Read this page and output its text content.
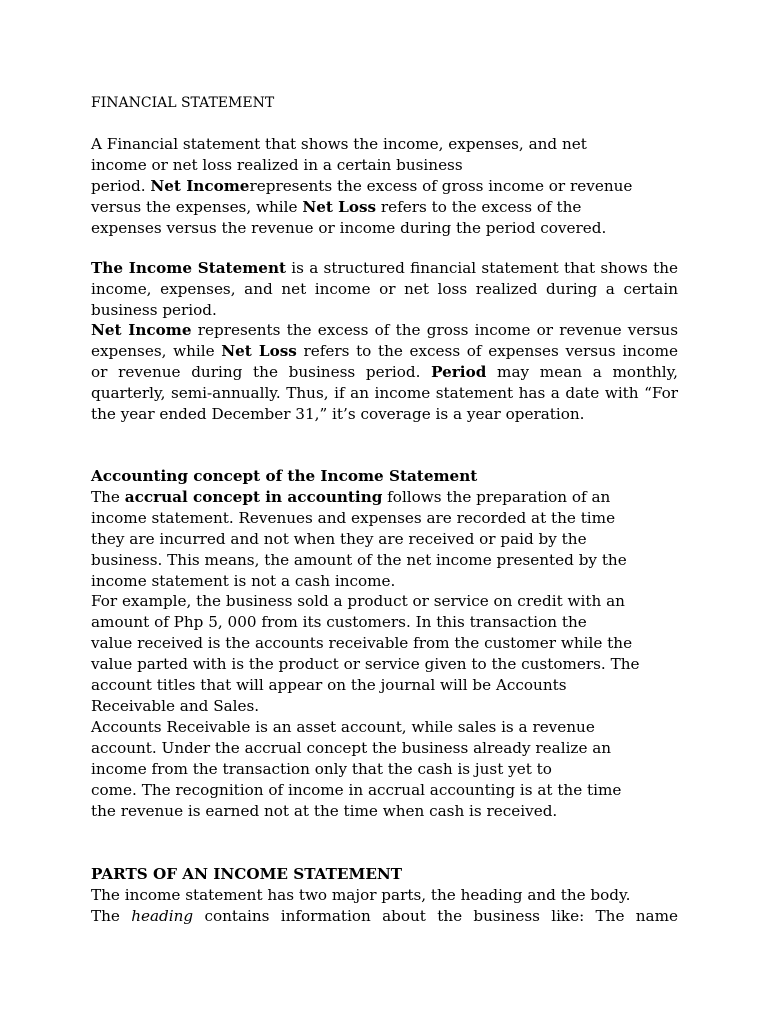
FINANCIAL STATEMENT
A Financial statement that shows the income, expenses, and net
income or net loss realized in a certain business
period. Net Incomerepresents the excess of gross income or revenue
versus the expenses, while Net Loss refers to the excess of the
expenses versus the revenue or income during the period covered.
The Income Statement is a structured financial statement that shows the income, expenses, and net income or net loss realized during a certain business period.
Net Income represents the excess of the gross income or revenue versus expenses, while Net Loss refers to the excess of expenses versus income or revenue during the business period. Period may mean a monthly, quarterly, semi-annually. Thus, if an income statement has a date with “For the year ended December 31,” it’s coverage is a year operation.
Accounting concept of the Income Statement
The accrual concept in accounting follows the preparation of an
income statement. Revenues and expenses are recorded at the time
they are incurred and not when they are received or paid by the
business. This means, the amount of the net income presented by the
income statement is not a cash income.
For example, the business sold a product or service on credit with an
amount of Php 5, 000 from its customers. In this transaction the
value received is the accounts receivable from the customer while the
value parted with is the product or service given to the customers. The
account titles that will appear on the journal will be Accounts
Receivable and Sales.
Accounts Receivable is an asset account, while sales is a revenue
account. Under the accrual concept the business already realize an
income from the transaction only that the cash is just yet to
come. The recognition of income in accrual accounting is at the time
the revenue is earned not at the time when cash is received.
PARTS OF AN INCOME STATEMENT
The income statement has two major parts, the heading and the body.
The heading contains information about the business like: The name
